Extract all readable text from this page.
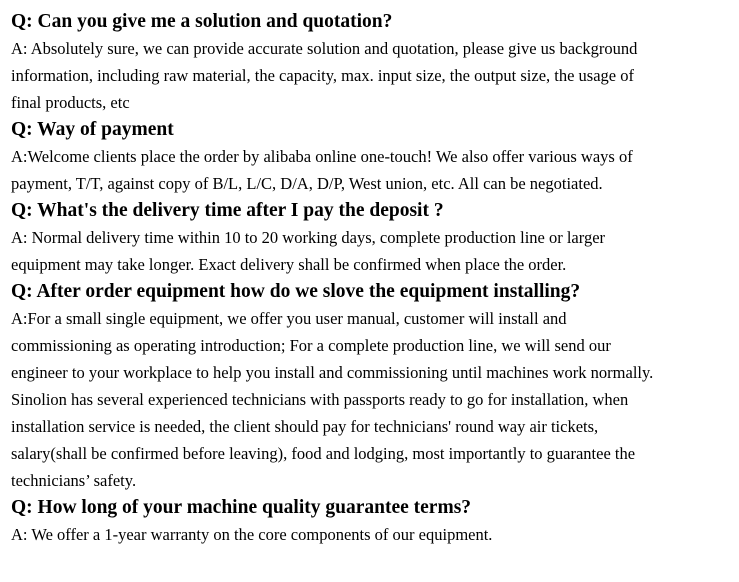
Q: Can you give me a solution and quotation?

A: Absolutely sure, we can provide accurate solution and quotation, please give us background
information, including raw material, the capacity, max. input size, the output size, the usage of
final products, etc

Q: Way of payment

A:Welcome clients place the order by alibaba online one-touch! We also offer various ways of
payment, T/T, against copy of B/L, L/C, D/A, D/P, West union, etc. All can be negotiated.

Q: What's the delivery time after I pay the deposit ?

A: Normal delivery time within 10 to 20 working days, complete production line or larger
equipment may take longer. Exact delivery shall be confirmed when place the order.

Q: After order equipment how do we slove the equipment installing?

A:For a small single equipment, we offer you user manual, customer will install and
commissioning as operating introduction; For a complete production line, we will send our
engineer to your workplace to help you install and commissioning until machines work normally.
Sinolion has several experienced technicians with passports ready to go for installation, when
installation service is needed, the client should pay for technicians' round way air tickets,
salary(shall be confirmed before leaving), food and lodging, most importantly to guarantee the
technicians’ safety.

Q: How long of your machine quality guarantee terms?

A: We offer a 1-year warranty on the core components of our equipment.
